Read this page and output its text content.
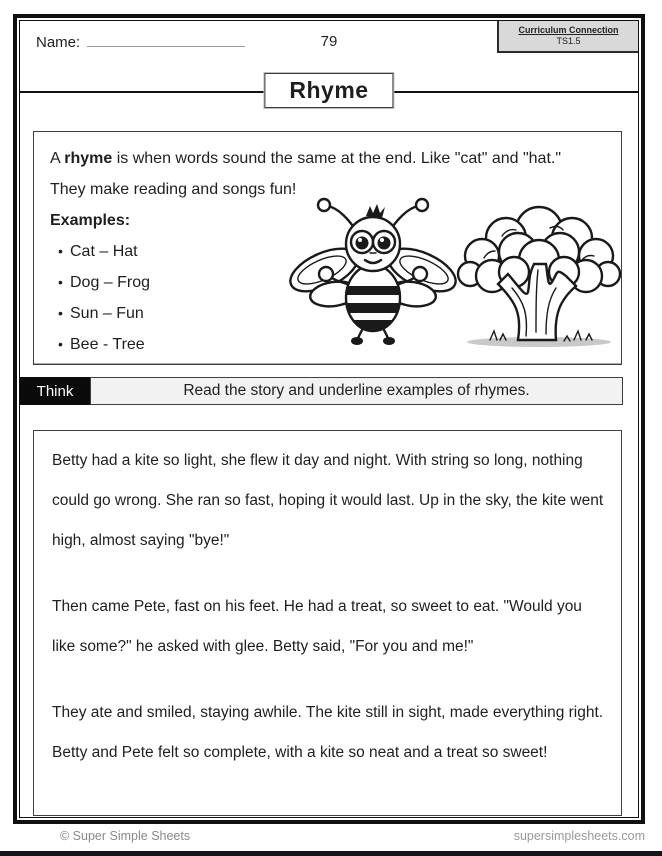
79
Name:
Curriculum Connection
TS1.5
Rhyme
A rhyme is when words sound the same at the end. Like "cat" and "hat."
They make reading and songs fun!
Examples:
• Cat – Hat
• Dog – Frog
• Sun – Fun
• Bee - Tree
Think	Read the story and underline examples of rhymes.

Betty had a kite so light, she flew it day and night. With string so long, nothing could go wrong. She ran so fast, hoping it would last. Up in the sky, the kite went high, almost saying "bye!"

Then came Pete, fast on his feet. He had a treat, so sweet to eat. "Would you like some?" he asked with glee. Betty said, "For you and me!"

They ate and smiled, staying awhile. The kite still in sight, made everything right. Betty and Pete felt so complete, with a kite so neat and a treat so sweet!

© Super Simple Sheets	supersimplesheets.com
